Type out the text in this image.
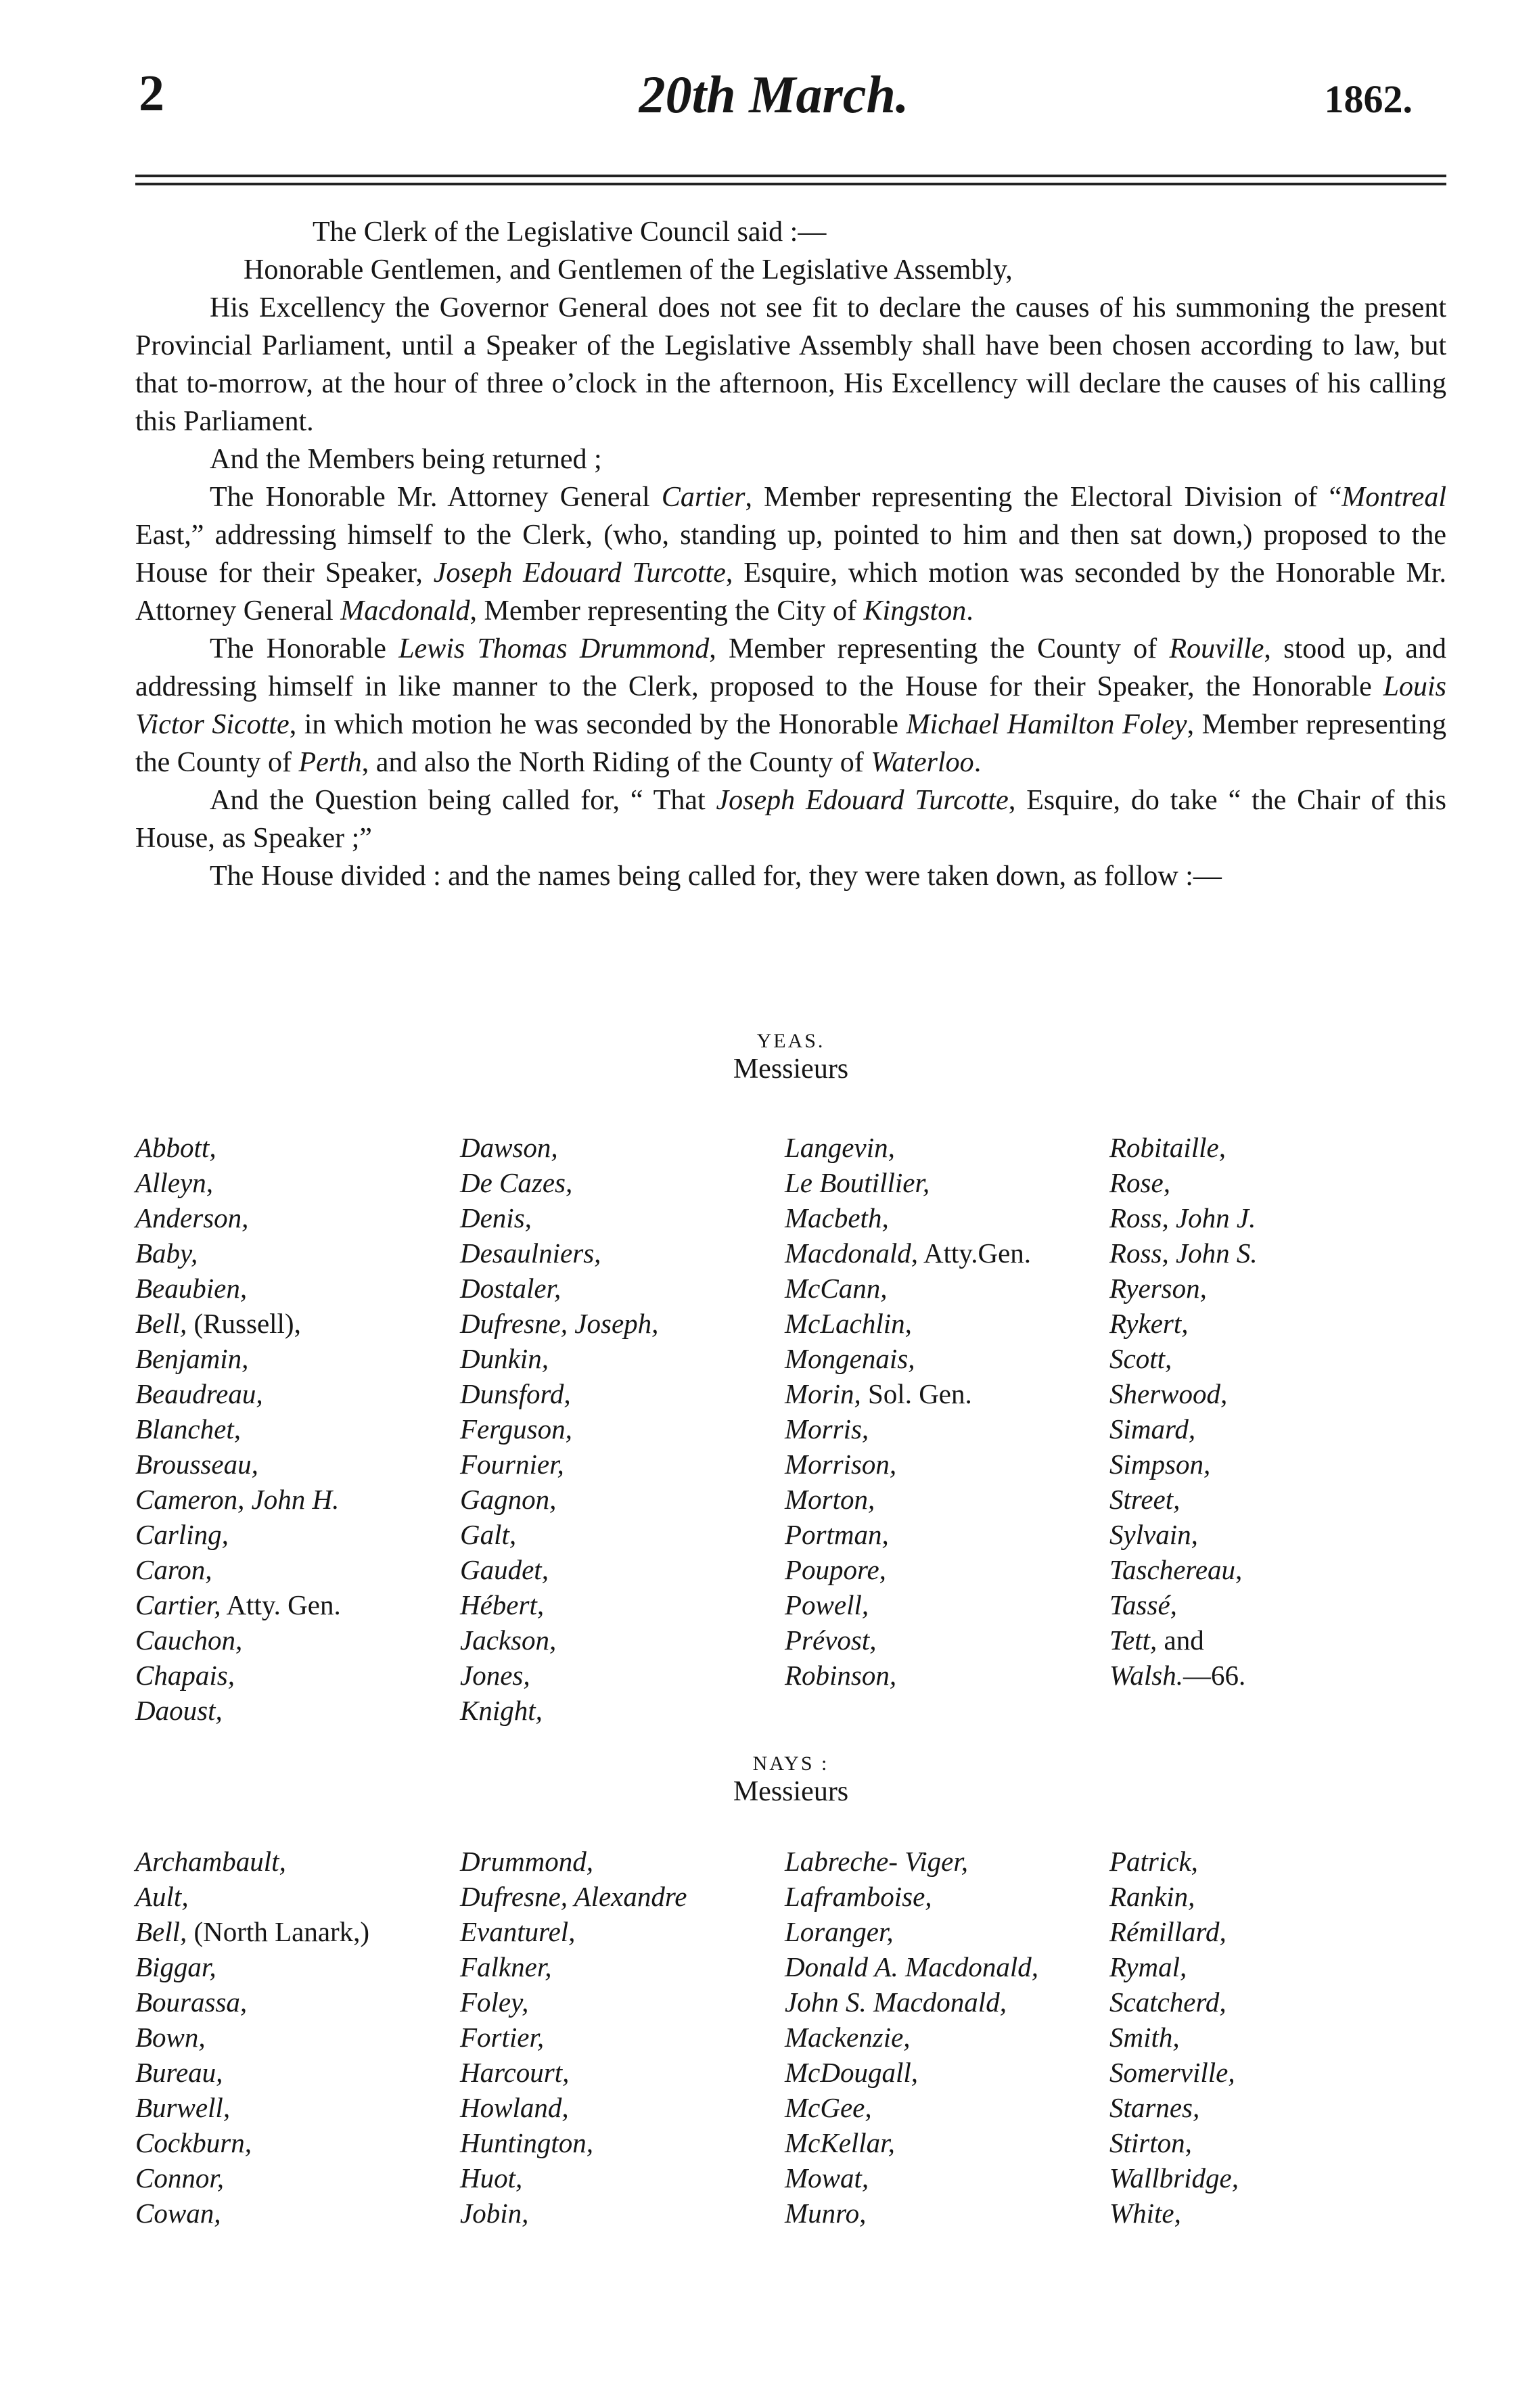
2	20th March.	1862.

The Clerk of the Legislative Council said :—

Honorable Gentlemen, and Gentlemen of the Legislative Assembly,

His Excellency the Governor General does not see fit to declare the causes of his summoning the present Provincial Parliament, until a Speaker of the Legislative Assembly shall have been chosen according to law, but that to-morrow, at the hour of three o’clock in the afternoon, His Excellency will declare the causes of his calling this Parliament.

And the Members being returned ;

The Honorable Mr. Attorney General Cartier, Member representing the Electoral Division of “Montreal East,” addressing himself to the Clerk, (who, standing up, pointed to him and then sat down,) proposed to the House for their Speaker, Joseph Edouard Turcotte, Esquire, which motion was seconded by the Honorable Mr. Attorney General Macdonald, Member representing the City of Kingston.

The Honorable Lewis Thomas Drummond, Member representing the County of Rouville, stood up, and addressing himself in like manner to the Clerk, proposed to the House for their Speaker, the Honorable Louis Victor Sicotte, in which motion he was seconded by the Honorable Michael Hamilton Foley, Member representing the County of Perth, and also the North Riding of the County of Waterloo.

And the Question being called for, “ That Joseph Edouard Turcotte, Esquire, do take “ the Chair of this House, as Speaker ;”

The House divided : and the names being called for, they were taken down, as follow :—

YEAS.
Messieurs
Abbott,
Alleyn,
Anderson,
Baby,
Beaubien,
Bell, (Russell),
Benjamin,
Beaudreau,
Blanchet,
Brousseau,
Cameron, John H.
Carling,
Caron,
Cartier, Atty. Gen.
Cauchon,
Chapais,
Daoust,
Dawson,
De Cazes,
Denis,
Desaulniers,
Dostaler,
Dufresne, Joseph,
Dunkin,
Dunsford,
Ferguson,
Fournier,
Gagnon,
Galt,
Gaudet,
Hébert,
Jackson,
Jones,
Knight,
Langevin,
Le Boutillier,
Macbeth,
Macdonald, Atty.Gen.
McCann,
McLachlin,
Mongenais,
Morin, Sol. Gen.
Morris,
Morrison,
Morton,
Portman,
Poupore,
Powell,
Prévost,
Robinson,
Robitaille,
Rose,
Ross, John J.
Ross, John S.
Ryerson,
Rykert,
Scott,
Sherwood,
Simard,
Simpson,
Street,
Sylvain,
Taschereau,
Tassé,
Tett, and
Walsh.—66.
NAYS :
Messieurs
Archambault,
Ault,
Bell, (North Lanark,)
Biggar,
Bourassa,
Bown,
Bureau,
Burwell,
Cockburn,
Connor,
Cowan,
Drummond,
Dufresne, Alexandre
Evanturel,
Falkner,
Foley,
Fortier,
Harcourt,
Howland,
Huntington,
Huot,
Jobin,
Labreche- Viger,
Laframboise,
Loranger,
Donald A. Macdonald,
John S. Macdonald,
Mackenzie,
McDougall,
McGee,
McKellar,
Mowat,
Munro,
Patrick,
Rankin,
Rémillard,
Rymal,
Scatcherd,
Smith,
Somerville,
Starnes,
Stirton,
Wallbridge,
White,
